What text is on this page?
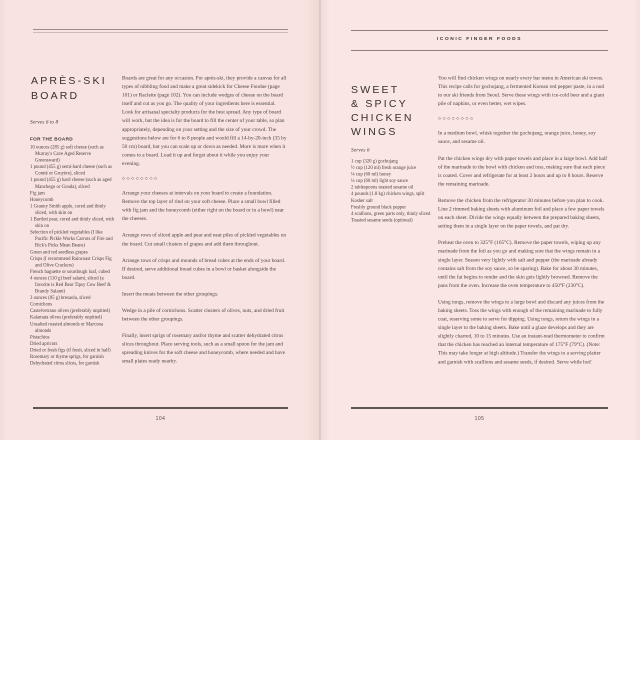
APRÈS-SKI
BOARD
Serves 6 to 8
FOR THE BOARD

10 ounces (285 g) soft cheese (such as Murray's Cave Aged Reserve Greensward)

1 pound (455 g) semi-hard cheese (such as Comté or Gruyère), sliced

1 pound (455 g) hard cheese (such as aged Manchego or Gouda), sliced

Fig jam

Honeycomb

1 Granny Smith apple, cored and thinly sliced, with skin on

1 Bartlett pear, cored and thinly sliced, with skin on

Selection of pickled vegetables (I like Pacific Pickle Works Carrots of Fire and Rick's Picks Mean Beans)

Green and red seedless grapes

Crisps (I recommend Raincoast Crisps Fig and Olive Crackers)

French baguette or sourdough loaf, cubed

4 ounces (110 g) beef salami, sliced (a favorite is Red Bear Tipsy Cow Beef & Brandy Salami)

3 ounces (85 g) bresaola, sliced

Cornichons

Castelvetrano olives (preferably unpitted)

Kalamata olives (preferably unpitted)

Unsalted roasted almonds or Marcona almonds

Pistachios

Dried apricots

Dried or fresh figs (if fresh, sliced in half)

Rosemary or thyme sprigs, for garnish

Dehydrated citrus slices, for garnish

Boards are great for any occasion. For après-ski, they provide a canvas for all types of nibbling food and make a great sidekick for Cheese Fondue (page 101) or Raclette (page 102). You can include wedges of cheese on the board itself and cut as you go. The quality of your ingredients here is essential. Look for artisanal specialty products for the best spread. Any type of board will work, but the idea is for the board to fill the center of your table, so plan appropriately, depending on your setting and the size of your crowd. The suggestions below are for 6 to 8 people and would fill a 14-by-20-inch (35 by 50 cm) board, but you can scale up or down as needed. More is more when it comes to a board. Load it up and forget about it while you enjoy your evening.

◇◇◇◇◇◇◇◇

Arrange your cheeses at intervals on your board to create a foundation. Remove the top layer of rind on your soft cheese. Place a small bowl filled with fig jam and the honeycomb (either right on the board or in a bowl) near the cheeses.

Arrange rows of sliced apple and pear and neat piles of pickled vegetables on the board. Cut small clusters of grapes and add them throughout.

Arrange rows of crisps and mounds of bread cubes at the ends of your board. If desired, serve additional bread cubes in a bowl or basket alongside the board.

Insert the meats between the other groupings.

Wedge in a pile of cornichons. Scatter clusters of olives, nuts, and dried fruit between the other groupings.

Finally, insert sprigs of rosemary and/or thyme and scatter dehydrated citrus slices throughout. Place serving tools, such as a small spoon for the jam and spreading knives for the soft cheese and honeycomb, where needed and have small plates ready nearby.

104
ICONIC FINGER FOODS
SWEET
& SPICY
CHICKEN
WINGS
Serves 6

1 cup (320 g) gochujang

½ cup (120 ml) fresh orange juice

¼ cup (60 ml) honey

¼ cup (60 ml) light soy sauce

2 tablespoons toasted sesame oil

4 pounds (1.8 kg) chicken wings, split

Kosher salt

Freshly ground black pepper

4 scallions, green parts only, thinly sliced

Toasted sesame seeds (optional)

You will find chicken wings on nearly every bar menu in American ski towns. This recipe calls for gochujang, a fermented Korean red pepper paste, in a nod to our ski friends from Seoul. Serve these wings with ice-cold beer and a giant pile of napkins, or even better, wet wipes.

◇◇◇◇◇◇◇◇

In a medium bowl, whisk together the gochujang, orange juice, honey, soy sauce, and sesame oil.

Pat the chicken wings dry with paper towels and place in a large bowl. Add half of the marinade to the bowl with chicken and toss, making sure that each piece is coated. Cover and refrigerate for at least 2 hours and up to 8 hours. Reserve the remaining marinade.

Remove the chicken from the refrigerator 30 minutes before you plan to cook. Line 2 rimmed baking sheets with aluminum foil and place a few paper towels on each sheet. Divide the wings equally between the prepared baking sheets, setting them in a single layer on the paper towels, and pat dry.

Preheat the oven to 325°F (165°C). Remove the paper towels, wiping up any marinade from the foil as you go and making sure that the wings remain in a single layer. Season very lightly with salt and pepper (the marinade already contains salt from the soy sauce, so be sparing). Bake for about 30 minutes, until the fat begins to render and the skin gets lightly browned. Remove the pans from the oven. Increase the oven temperature to 450°F (230°C).

Using tongs, remove the wings to a large bowl and discard any juices from the baking sheets. Toss the wings with enough of the remaining marinade to fully coat, reserving some to serve for dipping. Using tongs, return the wings in a single layer to the baking sheets. Bake until a glaze develops and they are slightly charred, 10 to 15 minutes. Use an instant-read thermometer to confirm that the chicken has reached an internal temperature of 175°F (79°C). (Note: This may take longer at high altitude.) Transfer the wings to a serving platter and garnish with scallions and sesame seeds, if desired. Serve while hot!

105
